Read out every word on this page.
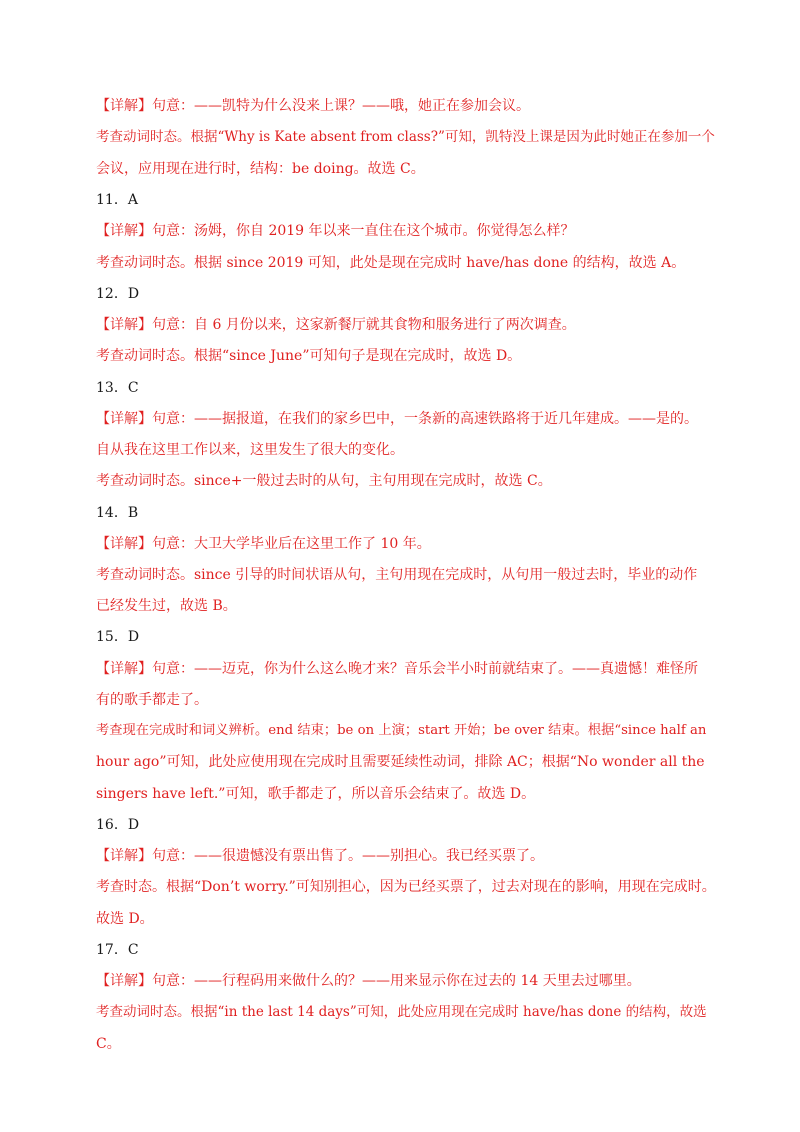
【详解】句意：——凯特为什么没来上课？——哦，她正在参加会议。
考查动词时态。根据“Why is Kate absent from class?”可知，凯特没上课是因为此时她正在参加一个
会议，应用现在进行时，结构：be doing。故选 C。
11．A
【详解】句意：汤姆，你自 2019 年以来一直住在这个城市。你觉得怎么样？
考查动词时态。根据 since 2019 可知，此处是现在完成时 have/has done 的结构，故选 A。
12．D
【详解】句意：自 6 月份以来，这家新餐厅就其食物和服务进行了两次调查。
考查动词时态。根据“since June”可知句子是现在完成时，故选 D。
13．C
【详解】句意：——据报道，在我们的家乡巴中，一条新的高速铁路将于近几年建成。——是的。
自从我在这里工作以来，这里发生了很大的变化。
考查动词时态。since+一般过去时的从句，主句用现在完成时，故选 C。
14．B
【详解】句意：大卫大学毕业后在这里工作了 10 年。
考查动词时态。since 引导的时间状语从句，主句用现在完成时，从句用一般过去时，毕业的动作
已经发生过，故选 B。
15．D
【详解】句意：——迈克，你为什么这么晚才来？音乐会半小时前就结束了。——真遗憾！难怪所
有的歌手都走了。
考查现在完成时和词义辨析。end 结束；be on 上演；start 开始；be over 结束。根据“since half an
hour ago”可知，此处应使用现在完成时且需要延续性动词，排除 AC；根据“No wonder all the
singers have left.”可知，歌手都走了，所以音乐会结束了。故选 D。
16．D
【详解】句意：——很遗憾没有票出售了。——别担心。我已经买票了。
考查时态。根据“Don’t worry.”可知别担心，因为已经买票了，过去对现在的影响，用现在完成时。
故选 D。
17．C
【详解】句意：——行程码用来做什么的？——用来显示你在过去的 14 天里去过哪里。
考查动词时态。根据“in the last 14 days”可知，此处应用现在完成时 have/has done 的结构，故选
C。
